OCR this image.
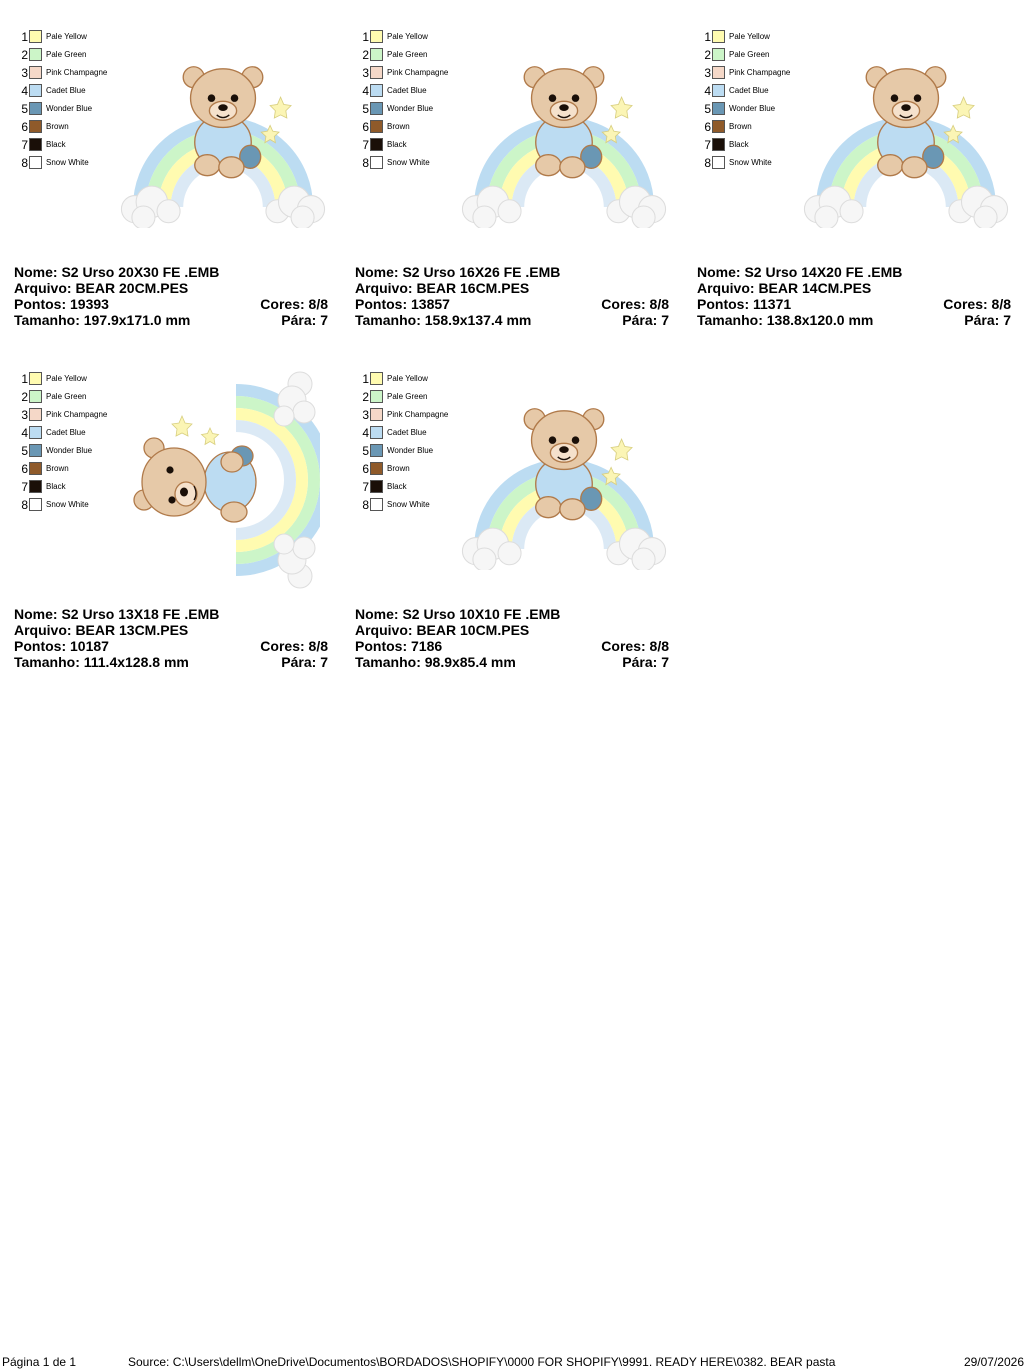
1 Pale Yellow
2 Pale Green
3 Pink Champagne
4 Cadet Blue
5 Wonder Blue
6 Brown
7 Black
8 Snow White
Nome: S2 Urso 20X30 FE .EMB
Arquivo: BEAR 20CM.PES
Pontos: 19393	Cores: 8/8
Tamanho: 197.9x171.0 mm	Pára: 7
1 Pale Yellow
2 Pale Green
3 Pink Champagne
4 Cadet Blue
5 Wonder Blue
6 Brown
7 Black
8 Snow White
Nome: S2 Urso 16X26 FE .EMB
Arquivo: BEAR 16CM.PES
Pontos: 13857	Cores: 8/8
Tamanho: 158.9x137.4 mm	Pára: 7
1 Pale Yellow
2 Pale Green
3 Pink Champagne
4 Cadet Blue
5 Wonder Blue
6 Brown
7 Black
8 Snow White
Nome: S2 Urso 14X20 FE .EMB
Arquivo: BEAR 14CM.PES
Pontos: 11371	Cores: 8/8
Tamanho: 138.8x120.0 mm	Pára: 7
1 Pale Yellow
2 Pale Green
3 Pink Champagne
4 Cadet Blue
5 Wonder Blue
6 Brown
7 Black
8 Snow White
Nome: S2 Urso 13X18 FE .EMB
Arquivo: BEAR 13CM.PES
Pontos: 10187	Cores: 8/8
Tamanho: 111.4x128.8 mm	Pára: 7
1 Pale Yellow
2 Pale Green
3 Pink Champagne
4 Cadet Blue
5 Wonder Blue
6 Brown
7 Black
8 Snow White
Nome: S2 Urso 10X10 FE .EMB
Arquivo: BEAR 10CM.PES
Pontos: 7186	Cores: 8/8
Tamanho: 98.9x85.4 mm	Pára: 7
Página 1 de 1	Source: C:\Users\dellm\OneDrive\Documentos\BORDADOS\SHOPIFY\0000 FOR SHOPIFY\9991. READY HERE\0382. BEAR pasta	29/07/2026
